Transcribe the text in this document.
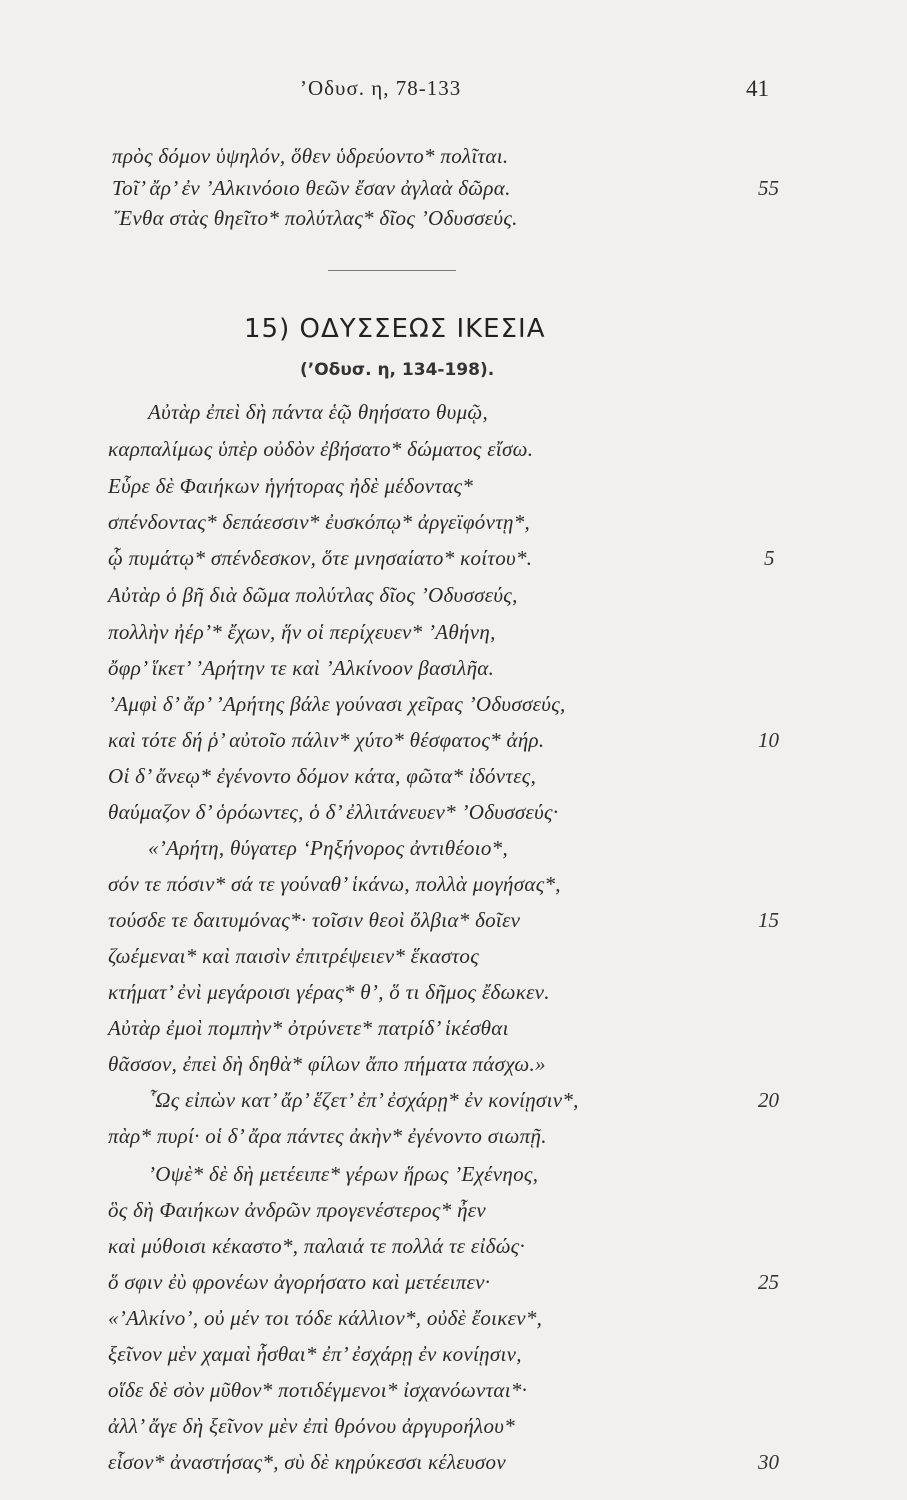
’Οδυσ. η, 78-133	41
πρὸς δόμον ὑψηλόν, ὅθεν ὑδρεύοντο* πολῖται.
Τοῖ’ ἄρ’ ἐν ’Αλκινόοιο θεῶν ἔσαν ἀγλαὰ δῶρα.	55
῎Ενθα στὰς θηεῖτο* πολύτλας* δῖος ’Οδυσσεύς.
15) ΟΔΥΣΣΕΩΣ ΙΚΕΣΙΑ
(’Οδυσ. η, 134-198).
Αὐτὰρ ἐπεὶ δὴ πάντα ἑῷ θηήσατο θυμῷ,
καρπαλίμως ὑπὲρ οὐδὸν ἐβήσατο* δώματος εἴσω.
Εὗρε δὲ Φαιήκων ἡγήτορας ἠδὲ μέδοντας*
σπένδοντας* δεπάεσσιν* ἐυσκόπῳ* ἀργεϊφόντῃ*,
ᾧ πυμάτῳ* σπένδεσκον, ὅτε μνησαίατο* κοίτου*.	5
Αὐτὰρ ὁ βῆ διὰ δῶμα πολύτλας δῖος ’Οδυσσεύς,
πολλὴν ἠέρ’* ἔχων, ἥν οἱ περίχευεν* ’Αθήνη,
ὄφρ’ ἵκετ’ ’Αρήτην τε καὶ ’Αλκίνοον βασιλῆα.
’Αμφὶ δ’ ἄρ’ ’Αρήτης βάλε γούνασι χεῖρας ’Οδυσσεύς,
καὶ τότε δή ῥ’ αὐτοῖο πάλιν* χύτο* θέσφατος* ἀήρ.	10
Οἱ δ’ ἄνεῳ* ἐγένοντο δόμον κάτα, φῶτα* ἰδόντες,
θαύμαζον δ’ ὁρόωντες, ὁ δ’ ἐλλιτάνευεν* ’Οδυσσεύς·
«’Αρήτη, θύγατερ ‘Ρηξήνορος ἀντιθέοιο*,
σόν τε πόσιν* σά τε γούναθ’ ἱκάνω, πολλὰ μογήσας*,
τούσδε τε δαιτυμόνας*· τοῖσιν θεοὶ ὄλβια* δοῖεν	15
ζωέμεναι* καὶ παισὶν ἐπιτρέψειεν* ἕκαστος
κτήματ’ ἐνὶ μεγάροισι γέρας* θ’, ὅ τι δῆμος ἔδωκεν.
Αὐτὰρ ἐμοὶ πομπὴν* ὀτρύνετε* πατρίδ’ ἱκέσθαι
θᾶσσον, ἐπεὶ δὴ δηθὰ* φίλων ἄπο πήματα πάσχω.»
῟Ως εἰπὼν κατ’ ἄρ’ ἕζετ’ ἐπ’ ἐσχάρῃ* ἐν κονίῃσιν*,	20
πὰρ* πυρί· οἱ δ’ ἄρα πάντες ἀκὴν* ἐγένοντο σιωπῇ.
’Οψὲ* δὲ δὴ μετέειπε* γέρων ἥρως ’Εχένηος,
ὃς δὴ Φαιήκων ἀνδρῶν προγενέστερος* ἦεν
καὶ μύθοισι κέκαστο*, παλαιά τε πολλά τε εἰδώς·
ὅ σφιν ἐὺ φρονέων ἀγορήσατο καὶ μετέειπεν·	25
«’Αλκίνο’, οὐ μέν τοι τόδε κάλλιον*, οὐδὲ ἔοικεν*,
ξεῖνον μὲν χαμαὶ ἧσθαι* ἐπ’ ἐσχάρῃ ἐν κονίῃσιν,
οἵδε δὲ σὸν μῦθον* ποτιδέγμενοι* ἰσχανόωνται*·
ἀλλ’ ἄγε δὴ ξεῖνον μὲν ἐπὶ θρόνου ἀργυροήλου*
εἷσον* ἀναστήσας*, σὺ δὲ κηρύκεσσι κέλευσον	30
